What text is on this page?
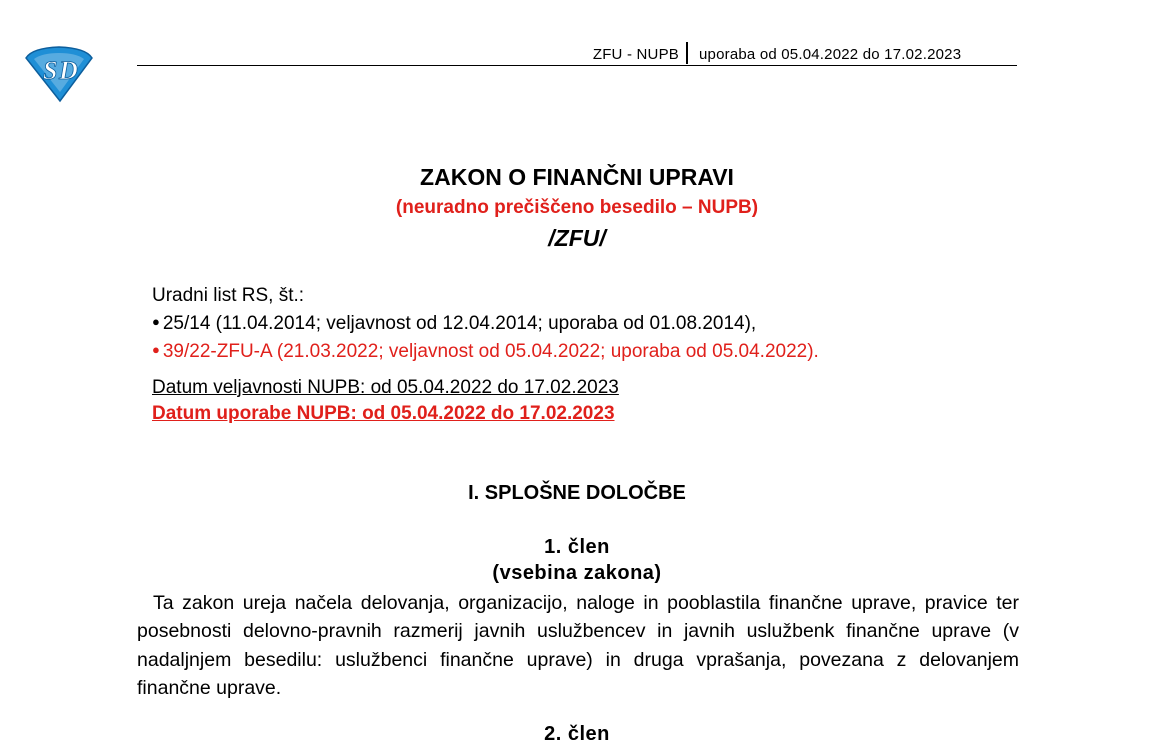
S D
ZFU - NUPB uporaba od 05.04.2022 do 17.02.2023
ZAKON O FINANČNI UPRAVI
(neuradno prečiščeno besedilo – NUPB)
/ZFU/
Uradni list RS, št.:
● 25/14 (11.04.2014; veljavnost od 12.04.2014; uporaba od 01.08.2014),
● 39/22-ZFU-A (21.03.2022; veljavnost od 05.04.2022; uporaba od 05.04.2022).
Datum veljavnosti NUPB: od 05.04.2022 do 17.02.2023
Datum uporabe NUPB: od 05.04.2022 do 17.02.2023
I. SPLOŠNE DOLOČBE
1. člen
(vsebina zakona)
Ta zakon ureja načela delovanja, organizacijo, naloge in pooblastila finančne uprave, pravice ter posebnosti delovno-pravnih razmerij javnih uslužbencev in javnih uslužbenk finančne uprave (v nadaljnjem besedilu: uslužbenci finančne uprave) in druga vprašanja, povezana z delovanjem finančne uprave.
2. člen
